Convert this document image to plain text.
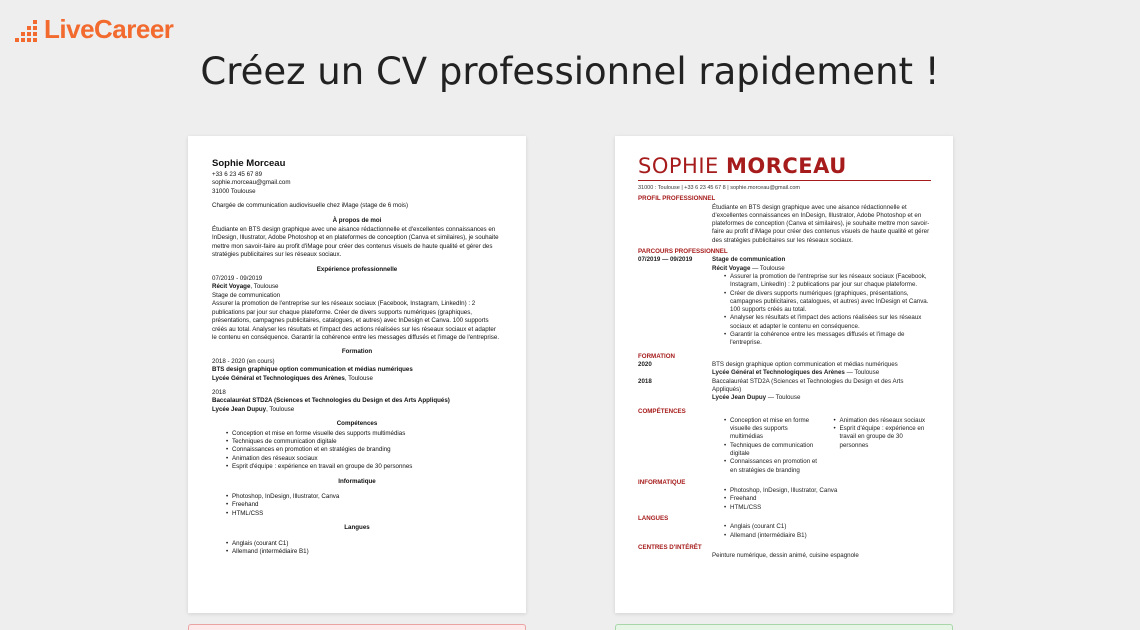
LiveCareer
Créez un CV professionnel rapidement !
Sophie Morceau
+33 6 23 45 67 89
sophie.morceau@gmail.com
31000 Toulouse
Chargée de communication audiovisuelle chez iMage (stage de 6 mois)
À propos de moi
Étudiante en BTS design graphique avec une aisance rédactionnelle et d'excellentes connaissances en InDesign, Illustrator, Adobe Photoshop et en plateformes de conception (Canva et similaires), je souhaite mettre mon savoir-faire au profit d'iMage pour créer des contenus visuels de haute qualité et gérer des stratégies publicitaires sur les réseaux sociaux.
Expérience professionnelle
07/2019 - 09/2019
Récit Voyage, Toulouse
Stage de communication
Assurer la promotion de l'entreprise sur les réseaux sociaux (Facebook, Instagram, LinkedIn) : 2 publications par jour sur chaque plateforme. Créer de divers supports numériques (graphiques, présentations, campagnes publicitaires, catalogues, et autres) avec InDesign et Canva. 100 supports créés au total. Analyser les résultats et l'impact des actions réalisées sur les réseaux sociaux et adapter le contenu en conséquence. Garantir la cohérence entre les messages diffusés et l'image de l'entreprise.
Formation
2018 - 2020 (en cours)
BTS design graphique option communication et médias numériques
Lycée Général et Technologiques des Arènes, Toulouse
2018
Baccalauréat STD2A (Sciences et Technologies du Design et des Arts Appliqués)
Lycée Jean Dupuy, Toulouse
Compétences
• Conception et mise en forme visuelle des supports multimédias
• Techniques de communication digitale
• Connaissances en promotion et en stratégies de branding
• Animation des réseaux sociaux
• Esprit d'équipe : expérience en travail en groupe de 30 personnes
Informatique
• Photoshop, InDesign, Illustrator, Canva
• Freehand
• HTML/CSS
Langues
• Anglais (courant C1)
• Allemand (intermédiaire B1)
SOPHIE MORCEAU
31000 : Toulouse | +33 6 23 45 67 8 | sophie.morceau@gmail.com
PROFIL PROFESSIONNEL
Étudiante en BTS design graphique avec une aisance rédactionnelle et d'excellentes connaissances en InDesign, Illustrator, Adobe Photoshop et en plateformes de conception (Canva et similaires), je souhaite mettre mon savoir-faire au profit d'iMage pour créer des contenus visuels de haute qualité et gérer des stratégies publicitaires sur les réseaux sociaux.
PARCOURS PROFESSIONNEL
07/2019 — 09/2019	Stage de communication
Récit Voyage — Toulouse
• Assurer la promotion de l'entreprise sur les réseaux sociaux (Facebook, Instagram, LinkedIn) : 2 publications par jour sur chaque plateforme.
• Créer de divers supports numériques (graphiques, présentations, campagnes publicitaires, catalogues, et autres) avec InDesign et Canva. 100 supports créés au total.
• Analyser les résultats et l'impact des actions réalisées sur les réseaux sociaux et adapter le contenu en conséquence.
• Garantir la cohérence entre les messages diffusés et l'image de l'entreprise.
FORMATION
2020	BTS design graphique option communication et médias numériques
Lycée Général et Technologiques des Arènes — Toulouse
2018	Baccalauréat STD2A (Sciences et Technologies du Design et des Arts Appliqués)
Lycée Jean Dupuy — Toulouse
COMPÉTENCES
• Conception et mise en forme visuelle des supports multimédias
• Techniques de communication digitale
• Connaissances en promotion et en stratégies de branding
• Animation des réseaux sociaux
• Esprit d'équipe : expérience en travail en groupe de 30 personnes
INFORMATIQUE
• Photoshop, InDesign, Illustrator, Canva
• Freehand
• HTML/CSS
LANGUES
• Anglais (courant C1)
• Allemand (intermédiaire B1)
CENTRES D'INTÉRÊT
Peinture numérique, dessin animé, cuisine espagnole
